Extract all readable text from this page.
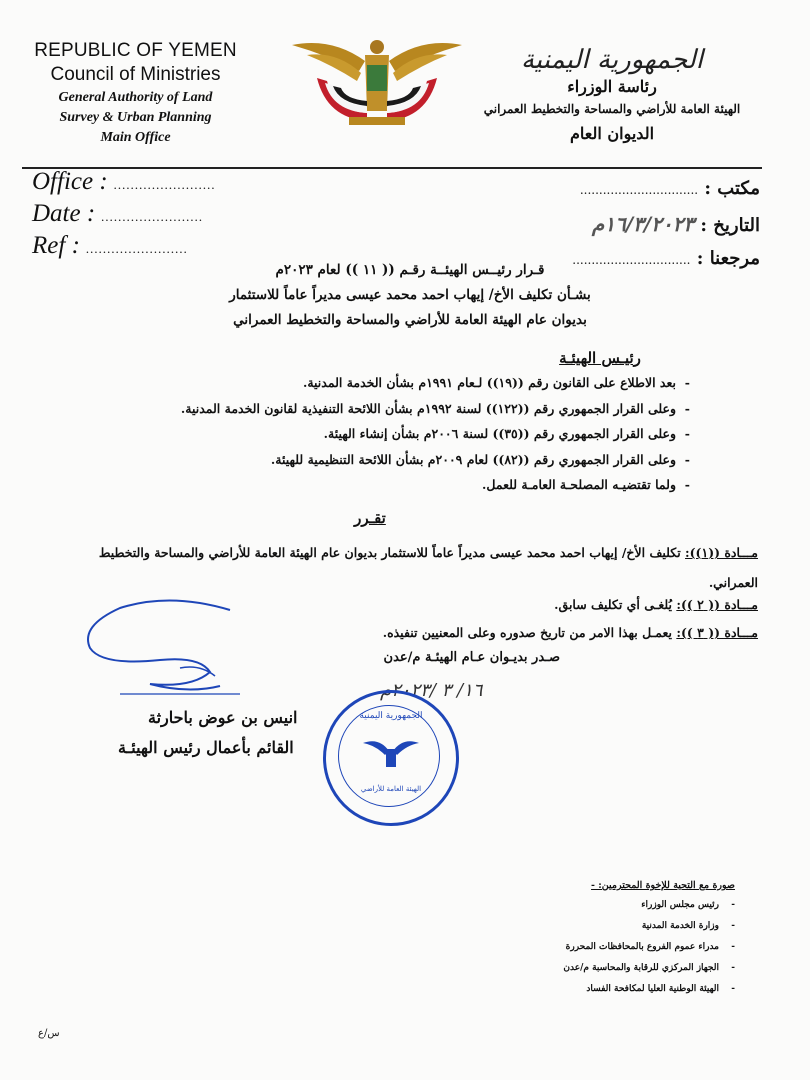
REPUBLIC OF YEMEN
Council of Ministries
General Authority of Land
Survey & Urban Planning
Main Office
الجمهورية اليمنية
رئاسة الوزراء
الهيئة العامة للأراضي والمساحة والتخطيط العمراني
الديوان العام
Office : ........................
Date : ........................
Ref : ........................
مكتب : ...............................
التاريخ : ١٦/٣/٢٠٢٣م
مرجعنا : ...............................
قـرار رئيــس الهيئــة رقـم (( ١١ )) لعام ٢٠٢٣م
بشـأن تكليف الأخ/ إيهاب احمد محمد عيسى مديراً عاماً للاستثمار
بديوان عام الهيئة العامة للأراضي والمساحة والتخطيط العمراني
رئيـس الهيئـة
- بعد الاطلاع على القانون رقم ((١٩)) لـعام ١٩٩١م بشأن الخدمة المدنية.
- وعلى القرار الجمهوري رقم ((١٢٢)) لسنة ١٩٩٢م بشأن اللائحة التنفيذية لقانون الخدمة المدنية.
- وعلى القرار الجمهوري رقم ((٣٥)) لسنة ٢٠٠٦م بشأن إنشاء الهيئة.
- وعلى القرار الجمهوري رقم ((٨٢)) لعام ٢٠٠٩م بشأن اللائحة التنظيمية للهيئة.
- ولما تقتضيـه المصلحـة العامـة للعمل.
تقـرر
مـــادة ((١)): تكليف الأخ/ إيهاب احمد محمد عيسى مديراً عاماً للاستثمار بديوان عام الهيئة العامة للأراضي والمساحة والتخطيط العمراني.
مـــادة (( ٢ )): يُلغـى أي تكليف سابق.
مـــادة (( ٣ )): يعمـل بهذا الامر من تاريخ صدوره وعلى المعنيين تنفيذه.
صـدر بديـوان عـام الهيئـة م/عدن
١٦/ ٣ /٢٠٢٣م
انيس بن عوض باحارثة
القائم بأعمال رئيس الهيئـة
الجمهورية اليمنية
الهيئة العامة للأراضي
صورة مع التحية للإخوة المحترمين: -
- رئيس مجلس الوزراء
- وزارة الخدمة المدنية
- مدراء عموم الفروع بالمحافظات المحررة
- الجهاز المركزي للرقابة والمحاسبة م/عدن
- الهيئة الوطنية العليا لمكافحة الفساد
س/ع
